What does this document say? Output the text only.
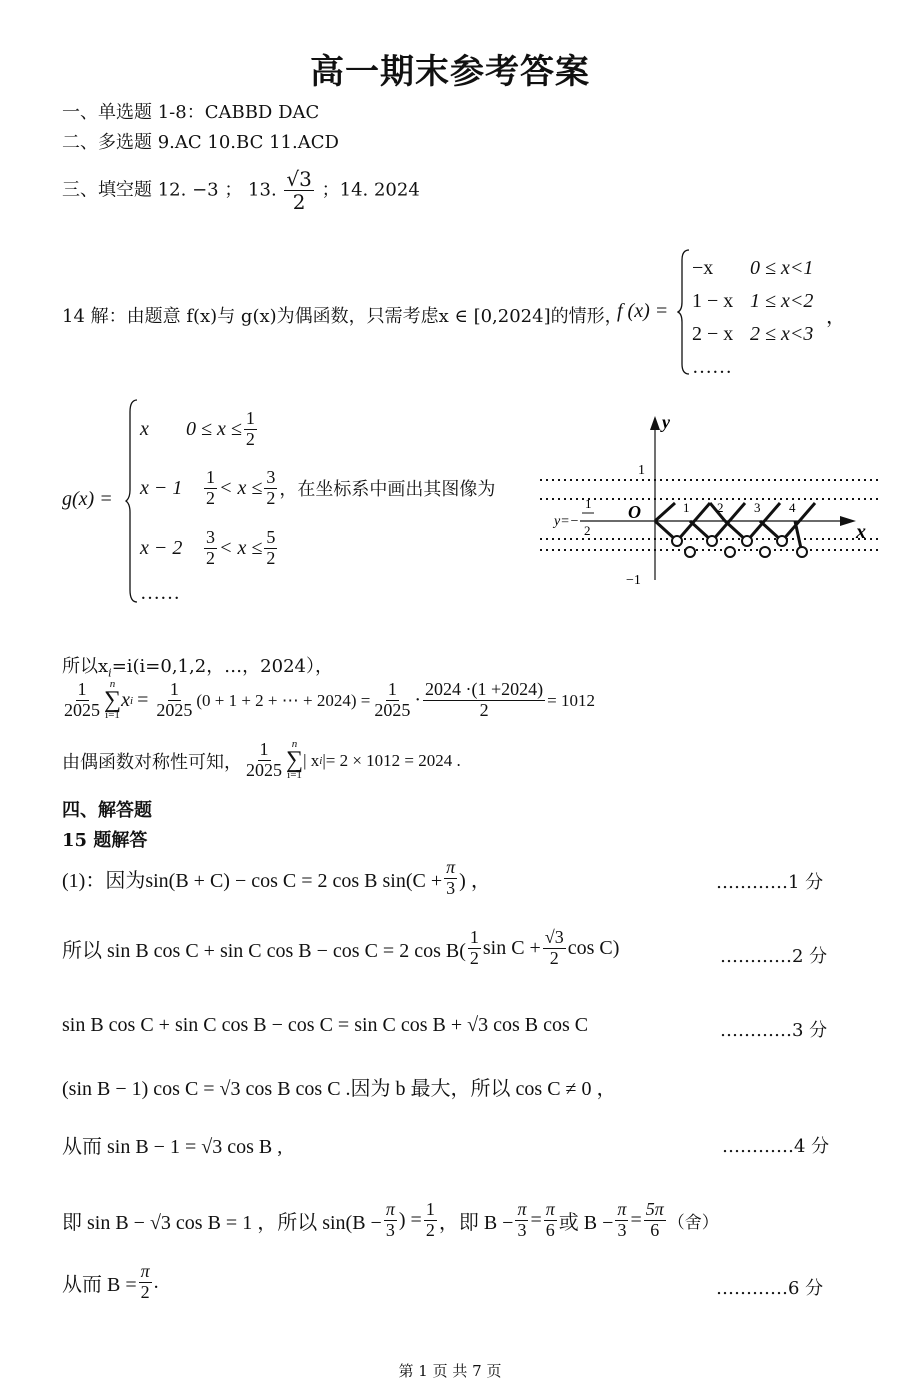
高一期末参考答案
一、单选题 1-8：CABBD DAC
二、多选题 9.AC 10.BC 11.ACD
三、填空题 12. −3 ； 13. $\frac{√3}{2}$ ；14. 2024
14 解：由题意 f(x)与 g(x)为偶函数，只需考虑x ∈ [0,2024]的情形，
f (x) =
−x 0 ≤ x<1
1 − x 1 ≤ x<2
2 − x 2 ≤ x<3
……
，
g(x) =
x	$0 \le x \le \frac{1}{2}$
x − 1	$\frac{1}{2} < x \le \frac{3}{2}$ ，在坐标系中画出其图像为
x − 2	$\frac{3}{2} < x \le \frac{5}{2}$
……
y
x
O
1
−1
y=−
1
2
1 2 3 4
所以$x_i=i(i=0,1,2$，…，2024），
$\frac{1}{2025}$ n
∑
i=1
x $i = \frac{1}{2025} (0 + 1 + 2$ + ⋯ + $2024) = \frac{1}{2025} \cdot \frac{2024 \cdot(1 +2024)}{2} = 1012$
由偶函数对称性可知， $\frac{1}{2025}$ n
∑
i=1
| x i |= 2 × 1012 = 2024 .
四、解答题
15 题解答
(1)：因为sin(B + C) − cos C = 2 cos B $\sin(C + \frac{\pi}{3}$ ) ，	…………1 分
所以 sin B cos C + sin C cos B − cos C = 2 $\cos B( \frac{1}{2}$ $\sin C + \frac{√3}{2}$ cos C)	…………2 分
sin B cos C + sin C cos B − cos C = sin C cos B + √3 cos B cos C	…………3 分
(sin B − 1) cos C = √3 cos B cos C .因为 b 最大，所以 cos C ≠ 0 ，
从而 sin B − 1 = √3 cos B ,	…………4 分
即 sin B − √3 cos B = 1 ，所以 $\sin(B - \frac{\pi}{3}$ ) = $\frac{1}{2}$ ，即 $B - \frac{\pi}{3} = \frac{\pi}{6}$ 或 $B - \frac{\pi}{3} = \frac{5\pi}{6}$ （舍）
从而 $B = \frac{\pi}{2}$ .	…………6 分
第 1 页 共 7 页
